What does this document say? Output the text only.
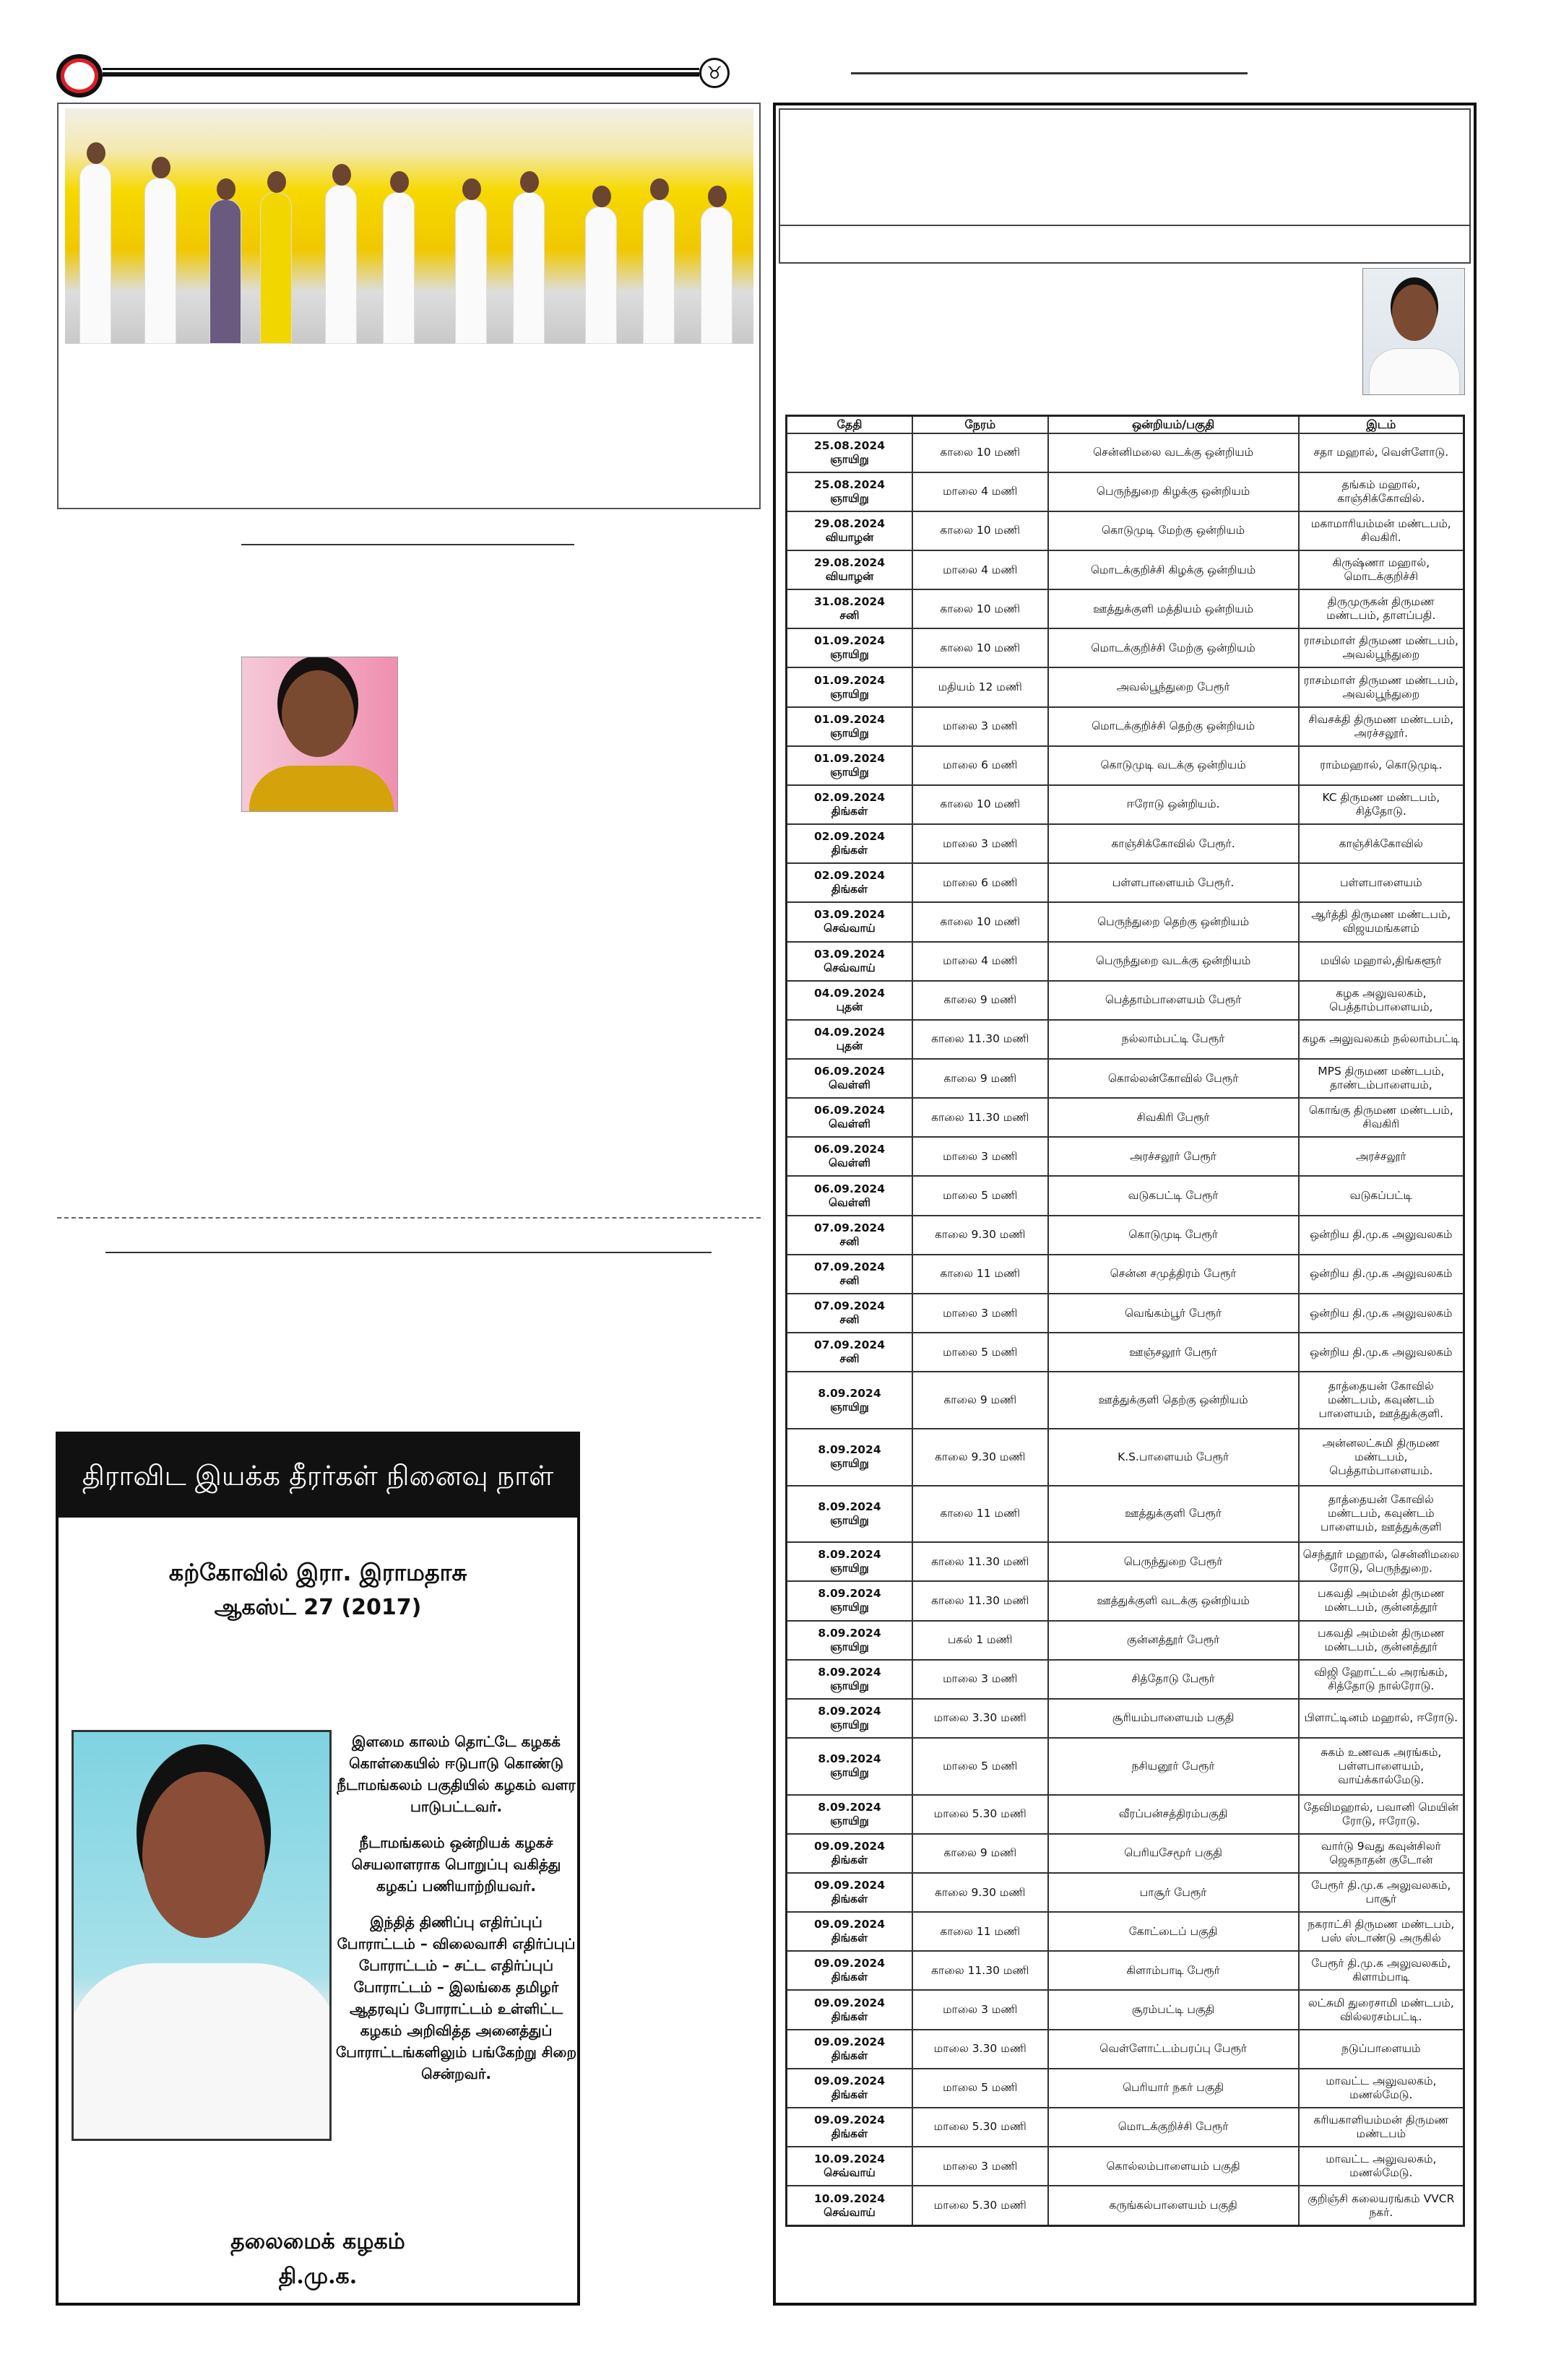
♉
திராவிட இயக்க தீரர்கள் நினைவு நாள்
கற்கோவில் இரா. இராமதாசு
ஆகஸ்ட் 27 (2017)

இளமை காலம் தொட்டே கழகக் கொள்கையில் ஈடுபாடு கொண்டு நீடாமங்கலம் பகுதியில் கழகம் வளர பாடுபட்டவர்.

நீடாமங்கலம் ஒன்றியக் கழகச் செயலாளராக பொறுப்பு வகித்து கழகப் பணியாற்றியவர்.

இந்தித் திணிப்பு எதிர்ப்புப் போராட்டம் – விலைவாசி எதிர்ப்புப் போராட்டம் – சட்ட எதிர்ப்புப் போராட்டம் – இலங்கை தமிழர் ஆதரவுப் போராட்டம் உள்ளிட்ட கழகம் அறிவித்த அனைத்துப் போராட்டங்களிலும் பங்கேற்று சிறை சென்றவர்.

தலைமைக் கழகம்
தி.மு.க.
தேதி	நேரம்	ஒன்றியம்/பகுதி	இடம்

25.08.2024
ஞாயிறு	காலை 10 மணி	சென்னிமலை வடக்கு ஒன்றியம்	சதா மஹால், வெள்ளோடு.

25.08.2024
ஞாயிறு	மாலை 4 மணி	பெருந்துறை கிழக்கு ஒன்றியம்	தங்கம் மஹால், காஞ்சிக்கோவில்.

29.08.2024
வியாழன்	காலை 10 மணி	கொடுமுடி மேற்கு ஒன்றியம்	மகாமாரியம்மன் மண்டபம், சிவகிரி.

29.08.2024
வியாழன்	மாலை 4 மணி	மொடக்குறிச்சி கிழக்கு ஒன்றியம்	கிருஷ்ணா மஹால், மொடக்குறிச்சி

31.08.2024
சனி	காலை 10 மணி	ஊத்துக்குளி மத்தியம் ஒன்றியம்	திருமுருகன் திருமண மண்டபம், தாளப்பதி.

01.09.2024
ஞாயிறு	காலை 10 மணி	மொடக்குறிச்சி மேற்கு ஒன்றியம்	ராசம்மாள் திருமண மண்டபம், அவல்பூந்துறை

01.09.2024
ஞாயிறு	மதியம் 12 மணி	அவல்பூந்துறை பேரூர்	ராசம்மாள் திருமண மண்டபம், அவல்பூந்துறை

01.09.2024
ஞாயிறு	மாலை 3 மணி	மொடக்குறிச்சி தெற்கு ஒன்றியம்	சிவசக்தி திருமண மண்டபம், அரச்சலூர்.

01.09.2024
ஞாயிறு	மாலை 6 மணி	கொடுமுடி வடக்கு ஒன்றியம்	ராம்மஹால், கொடுமுடி.

02.09.2024
திங்கள்	காலை 10 மணி	ஈரோடு ஒன்றியம்.	KC திருமண மண்டபம், சித்தோடு.

02.09.2024
திங்கள்	மாலை 3 மணி	காஞ்சிக்கோவில் பேரூர்.	காஞ்சிக்கோவில்

02.09.2024
திங்கள்	மாலை 6 மணி	பள்ளபாளையம் பேரூர்.	பள்ளபாளையம்

03.09.2024
செவ்வாய்	காலை 10 மணி	பெருந்துறை தெற்கு ஒன்றியம்	ஆர்த்தி திருமண மண்டபம், விஜயமங்களம்

03.09.2024
செவ்வாய்	மாலை 4 மணி	பெருந்துறை வடக்கு ஒன்றியம்	மயில் மஹால்,திங்களூர்

04.09.2024
புதன்	காலை 9 மணி	பெத்தாம்பாளையம் பேரூர்	கழக அலுவலகம், பெத்தாம்பாளையம்,

04.09.2024
புதன்	காலை 11.30 மணி	நல்லாம்பட்டி பேரூர்	கழக அலுவலகம் நல்லாம்பட்டி

06.09.2024
வெள்ளி	காலை 9 மணி	கொல்லன்கோவில் பேரூர்	MPS திருமண மண்டபம், தாண்டம்பாளையம்,

06.09.2024
வெள்ளி	காலை 11.30 மணி	சிவகிரி பேரூர்	கொங்கு திருமண மண்டபம், சிவகிரி

06.09.2024
வெள்ளி	மாலை 3 மணி	அரச்சலூர் பேரூர்	அரச்சலூர்

06.09.2024
வெள்ளி	மாலை 5 மணி	வடுகபட்டி பேரூர்	வடுகப்பட்டி

07.09.2024
சனி	காலை 9.30 மணி	கொடுமுடி பேரூர்	ஒன்றிய தி.மு.க அலுவலகம்

07.09.2024
சனி	காலை 11 மணி	சென்ன சமுத்திரம் பேரூர்	ஒன்றிய தி.மு.க அலுவலகம்

07.09.2024
சனி	மாலை 3 மணி	வெங்கம்பூர் பேரூர்	ஒன்றிய தி.மு.க அலுவலகம்

07.09.2024
சனி	மாலை 5 மணி	ஊஞ்சலூர் பேரூர்	ஒன்றிய தி.மு.க அலுவலகம்

8.09.2024
ஞாயிறு	காலை 9 மணி	ஊத்துக்குளி தெற்கு ஒன்றியம்	தாத்தையன் கோவில் மண்டபம், கவுண்டம் பாளையம், ஊத்துக்குளி.

8.09.2024
ஞாயிறு	காலை 9.30 மணி	K.S.பாளையம் பேரூர்	அன்னலட்சுமி திருமண மண்டபம், பெத்தாம்பாளையம்.

8.09.2024
ஞாயிறு	காலை 11 மணி	ஊத்துக்குளி பேரூர்	தாத்தையன் கோவில் மண்டபம், கவுண்டம் பாளையம், ஊத்துக்குளி

8.09.2024
ஞாயிறு	காலை 11.30 மணி	பெருந்துறை பேரூர்	செந்தூர் மஹால், சென்னிமலை ரோடு, பெருந்துறை.

8.09.2024
ஞாயிறு	காலை 11.30 மணி	ஊத்துக்குளி வடக்கு ஒன்றியம்	பகவதி அம்மன் திருமண மண்டபம், குன்னத்தூர்

8.09.2024
ஞாயிறு	பகல் 1 மணி	குன்னத்தூர் பேரூர்	பகவதி அம்மன் திருமண மண்டபம், குன்னத்தூர்

8.09.2024
ஞாயிறு	மாலை 3 மணி	சித்தோடு பேரூர்	விஜி ஹோட்டல் அரங்கம், சித்தோடு நால்ரோடு.

8.09.2024
ஞாயிறு	மாலை 3.30 மணி	சூரியம்பாளையம் பகுதி	பிளாட்டினம் மஹால், ஈரோடு.

8.09.2024
ஞாயிறு	மாலை 5 மணி	நசியனூர் பேரூர்	சுகம் உணவக அரங்கம், பள்ளபாளையம், வாய்க்கால்மேடு.

8.09.2024
ஞாயிறு	மாலை 5.30 மணி	வீரப்பன்சத்திரம்பகுதி	தேவிமஹால், பவானி மெயின் ரோடு, ஈரோடு.

09.09.2024
திங்கள்	காலை 9 மணி	பெரியசேமூர் பகுதி	வார்டு 9வது கவுன்சிலர் ஜெகநாதன் குடோன்

09.09.2024
திங்கள்	காலை 9.30 மணி	பாசூர் பேரூர்	பேரூர் தி.மு.க அலுவலகம், பாசூர்

09.09.2024
திங்கள்	காலை 11 மணி	கோட்டைப் பகுதி	நகராட்சி திருமண மண்டபம், பஸ் ஸ்டாண்டு அருகில்

09.09.2024
திங்கள்	காலை 11.30 மணி	கிளாம்பாடி பேரூர்	பேரூர் தி.மு.க அலுவலகம், கிளாம்பாடி

09.09.2024
திங்கள்	மாலை 3 மணி	சூரம்பட்டி பகுதி	லட்சுமி துரைசாமி மண்டபம், வில்லரசம்பட்டி.

09.09.2024
திங்கள்	மாலை 3.30 மணி	வெள்ளோட்டம்பரப்பு பேரூர்	நடுப்பாளையம்

09.09.2024
திங்கள்	மாலை 5 மணி	பெரியார் நகர் பகுதி	மாவட்ட அலுவலகம், மணல்மேடு.

09.09.2024
திங்கள்	மாலை 5.30 மணி	மொடக்குறிச்சி பேரூர்	கரியகாளியம்மன் திருமண மண்டபம்

10.09.2024
செவ்வாய்	மாலை 3 மணி	கொல்லம்பாளையம் பகுதி	மாவட்ட அலுவலகம், மணல்மேடு.

10.09.2024
செவ்வாய்	மாலை 5.30 மணி	கருங்கல்பாளையம் பகுதி	குறிஞ்சி கலையரங்கம் VVCR நகர்.
